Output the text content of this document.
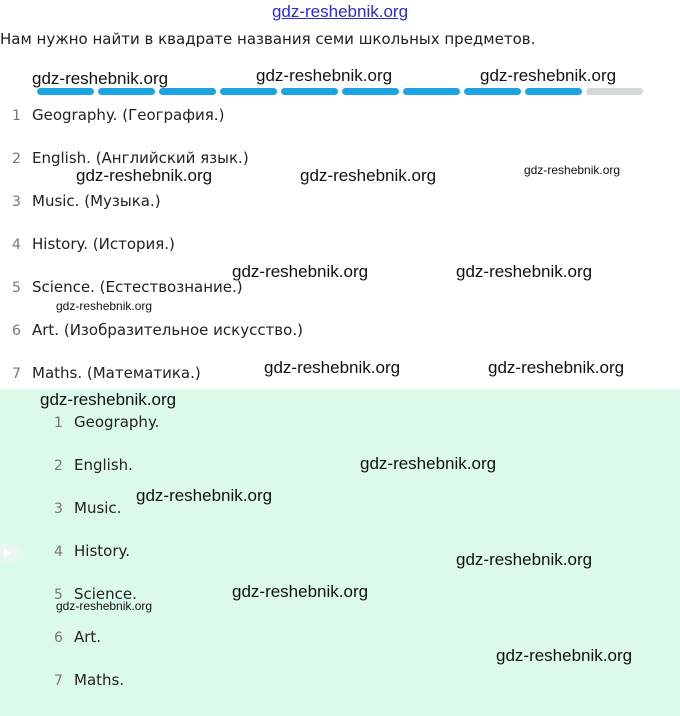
gdz-reshebnik.org
Нам нужно найти в квадрате названия семи школьных предметов.
1 Geography. (География.)
2 English. (Английский язык.)
3 Music. (Музыка.)
4 History. (История.)
5 Science. (Естествознание.)
6 Art. (Изобразительное искусство.)
7 Maths. (Математика.)
1 Geography.
2 English.
3 Music.
4 History.
5 Science.
6 Art.
7 Maths.
gdz-reshebnik.org	gdz-reshebnik.org	gdz-reshebnik.org
gdz-reshebnik.org	gdz-reshebnik.org	gdz-reshebnik.org
gdz-reshebnik.org	gdz-reshebnik.org
gdz-reshebnik.org
gdz-reshebnik.org	gdz-reshebnik.org
gdz-reshebnik.org
gdz-reshebnik.org
gdz-reshebnik.org
gdz-reshebnik.org
gdz-reshebnik.org
gdz-reshebnik.org
gdz-reshebnik.org
